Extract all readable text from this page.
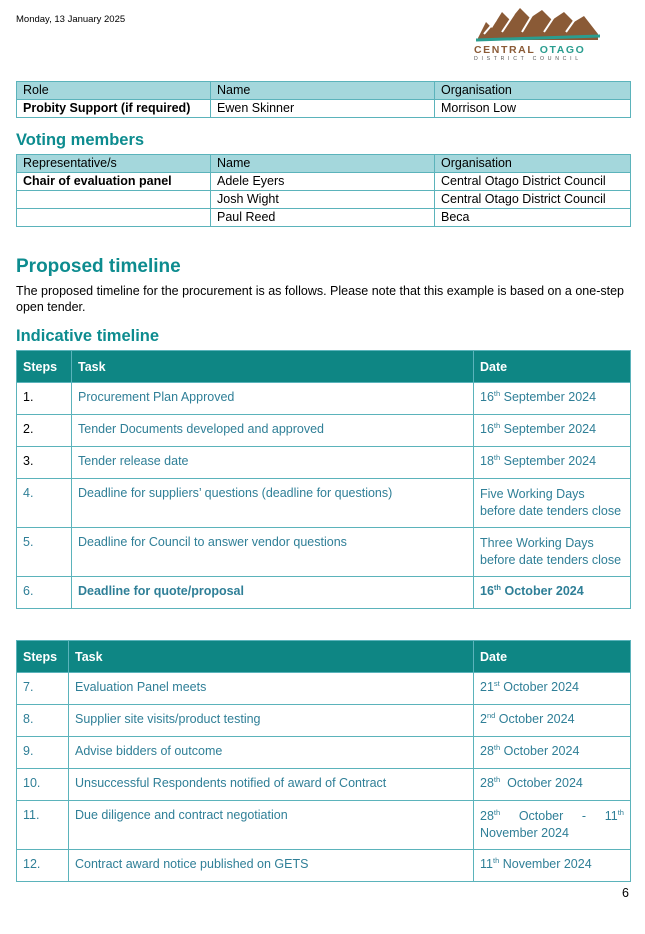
Monday, 13 January 2025
CENTRAL OTAGO
DISTRICT COUNCIL
Role	Name	Organisation
Probity Support (if required)	Ewen Skinner	Morrison Low
Voting members
Representative/s	Name	Organisation
Chair of evaluation panel	Adele Eyers	Central Otago District Council
	Josh Wight	Central Otago District Council
	Paul Reed	Beca
Proposed timeline

The proposed timeline for the procurement is as follows. Please note that this example is based on a one-step open tender.

Indicative timeline
Steps	Task	Date
1.	Procurement Plan Approved	16th September 2024
2.	Tender Documents developed and approved	16th September 2024
3.	Tender release date	18th September 2024
4.	Deadline for suppliers’ questions (deadline for questions)	Five Working Days
before date tenders close

5.	Deadline for Council to answer vendor questions	Three Working Days
before date tenders close

6.	Deadline for quote/proposal	16th October 2024
Steps	Task	Date
7.	Evaluation Panel meets	21st October 2024
8.	Supplier site visits/product testing	2nd October 2024
9.	Advise bidders of outcome	28th October 2024
10.	Unsuccessful Respondents notified of award of Contract	28th  October 2024
11.	Due diligence and contract negotiation	28th October - 11th
November 2024

12.	Contract award notice published on GETS	11th November 2024
6
